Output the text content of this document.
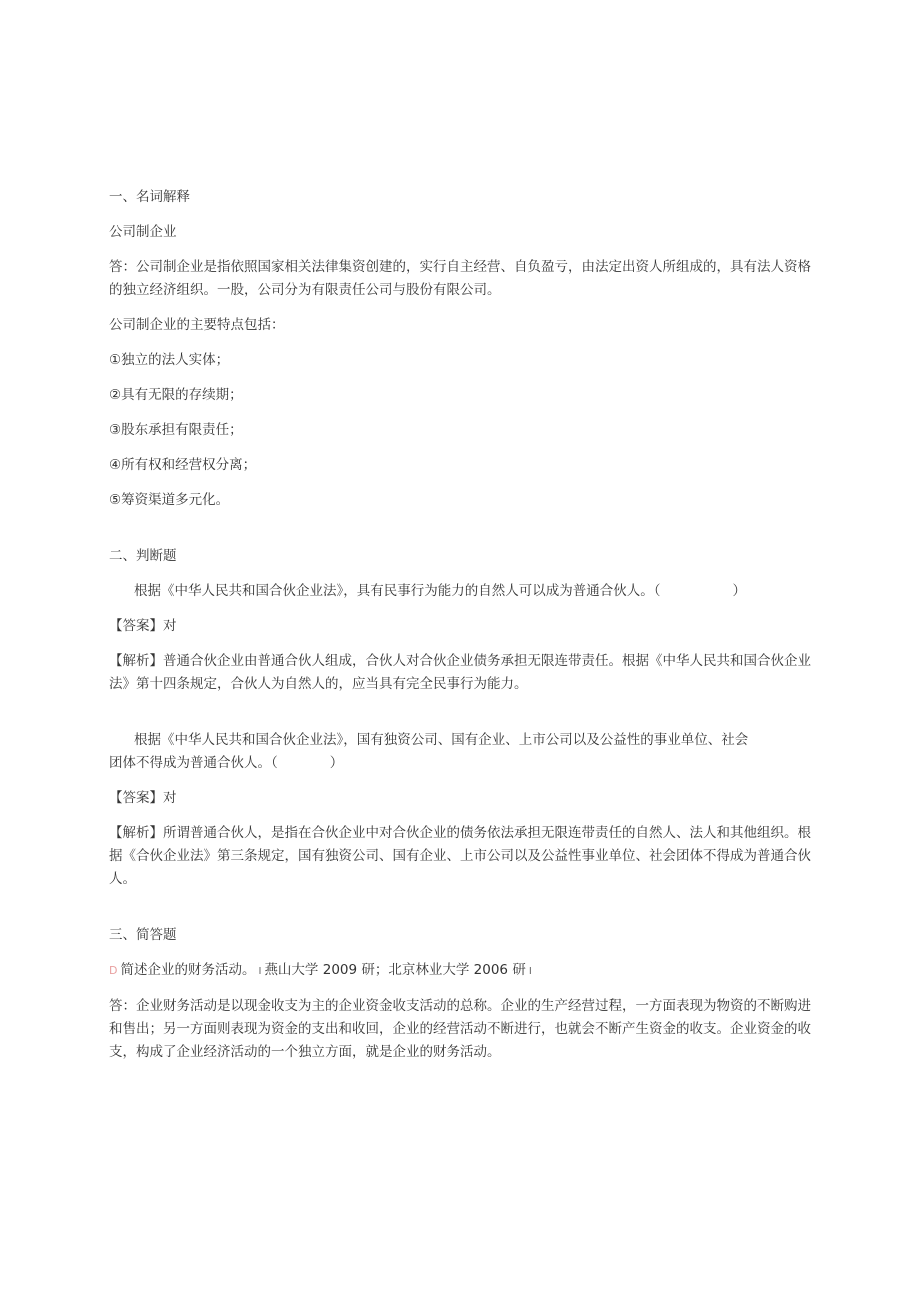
一、名词解释

公司制企业

答：公司制企业是指依照国家相关法律集资创建的，实行自主经营、自负盈亏，由法定出资人所组成的，具有法人资格的独立经济组织。一股，公司分为有限责任公司与股份有限公司。

公司制企业的主要特点包括：

①独立的法人实体；

②具有无限的存续期；

③股东承担有限责任；

④所有权和经营权分离；

⑤筹资渠道多元化。

二、判断题

根据《中华人民共和国合伙企业法》，具有民事行为能力的自然人可以成为普通合伙人。（	）

【答案】对

【解析】普通合伙企业由普通合伙人组成，合伙人对合伙企业债务承担无限连带责任。根据《中华人民共和国合伙企业法》第十四条规定，合伙人为自然人的，应当具有完全民事行为能力。

根据《中华人民共和国合伙企业法》，国有独资公司、国有企业、上市公司以及公益性的事业单位、社会团体不得成为普通合伙人。（	）

【答案】对

【解析】所谓普通合伙人，是指在合伙企业中对合伙企业的债务依法承担无限连带责任的自然人、法人和其他组织。根据《合伙企业法》第三条规定，国有独资公司、国有企业、上市公司以及公益性事业单位、社会团体不得成为普通合伙人。

三、简答题

D 简述企业的财务活动。 I 燕山大学 2009 研；北京林业大学 2006 研 I

答：企业财务活动是以现金收支为主的企业资金收支活动的总称。企业的生产经营过程，一方面表现为物资的不断购进和售出；另一方面则表现为资金的支出和收回，企业的经营活动不断进行，也就会不断产生资金的收支。企业资金的收支，构成了企业经济活动的一个独立方面，就是企业的财务活动。
